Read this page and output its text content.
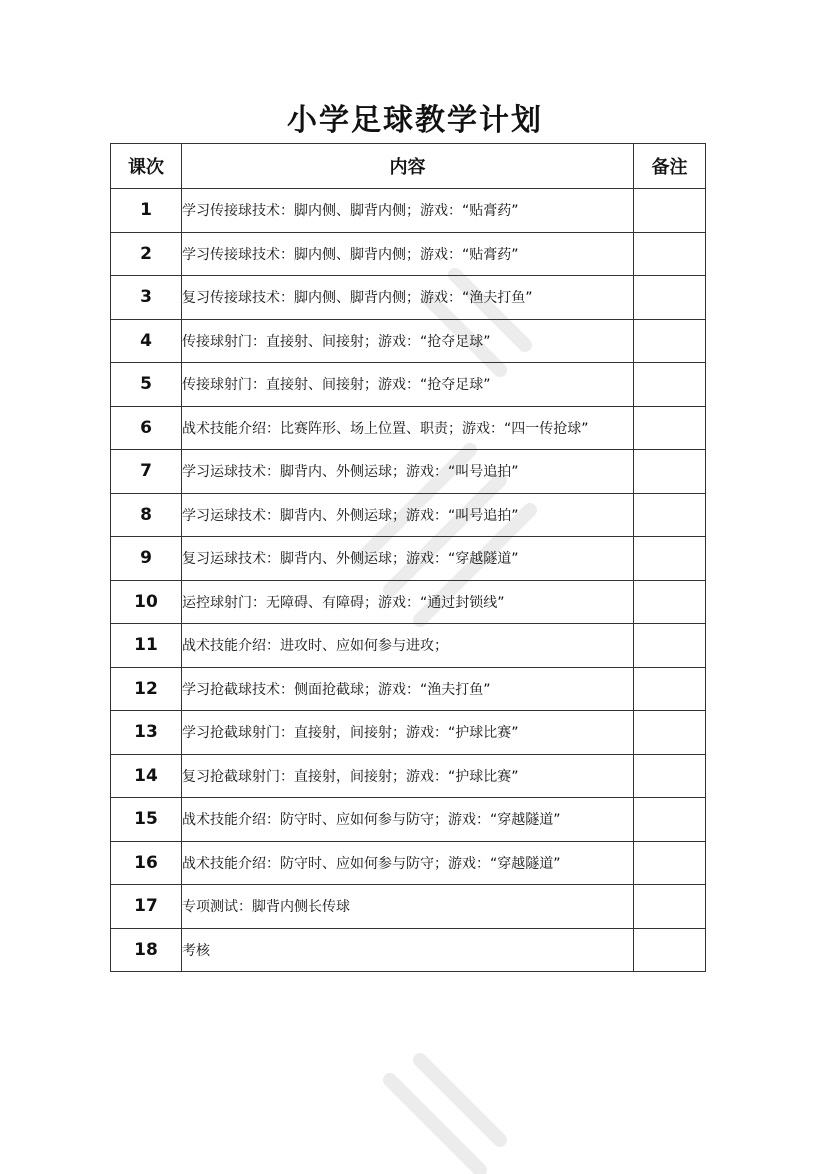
小学足球教学计划
课次	内容	备注
1	学习传接球技术：脚内侧、脚背内侧；游戏：“贴膏药”	
2	学习传接球技术：脚内侧、脚背内侧；游戏：“贴膏药”	
3	复习传接球技术：脚内侧、脚背内侧；游戏：“渔夫打鱼”	
4	传接球射门：直接射、间接射；游戏：“抢夺足球”	
5	传接球射门：直接射、间接射；游戏：“抢夺足球”	
6	战术技能介绍：比赛阵形、场上位置、职责；游戏：“四一传抢球”	
7	学习运球技术：脚背内、外侧运球；游戏：“叫号追拍”	
8	学习运球技术：脚背内、外侧运球；游戏：“叫号追拍”	
9	复习运球技术：脚背内、外侧运球；游戏：“穿越隧道”	
10	运控球射门：无障碍、有障碍；游戏：“通过封锁线”	
11	战术技能介绍：进攻时、应如何参与进攻；	
12	学习抢截球技术：侧面抢截球；游戏：“渔夫打鱼”	
13	学习抢截球射门：直接射，间接射；游戏：“护球比赛”	
14	复习抢截球射门：直接射，间接射；游戏：“护球比赛”	
15	战术技能介绍：防守时、应如何参与防守；游戏：“穿越隧道”	
16	战术技能介绍：防守时、应如何参与防守；游戏：“穿越隧道”	
17	专项测试：脚背内侧长传球	
18	考核	
